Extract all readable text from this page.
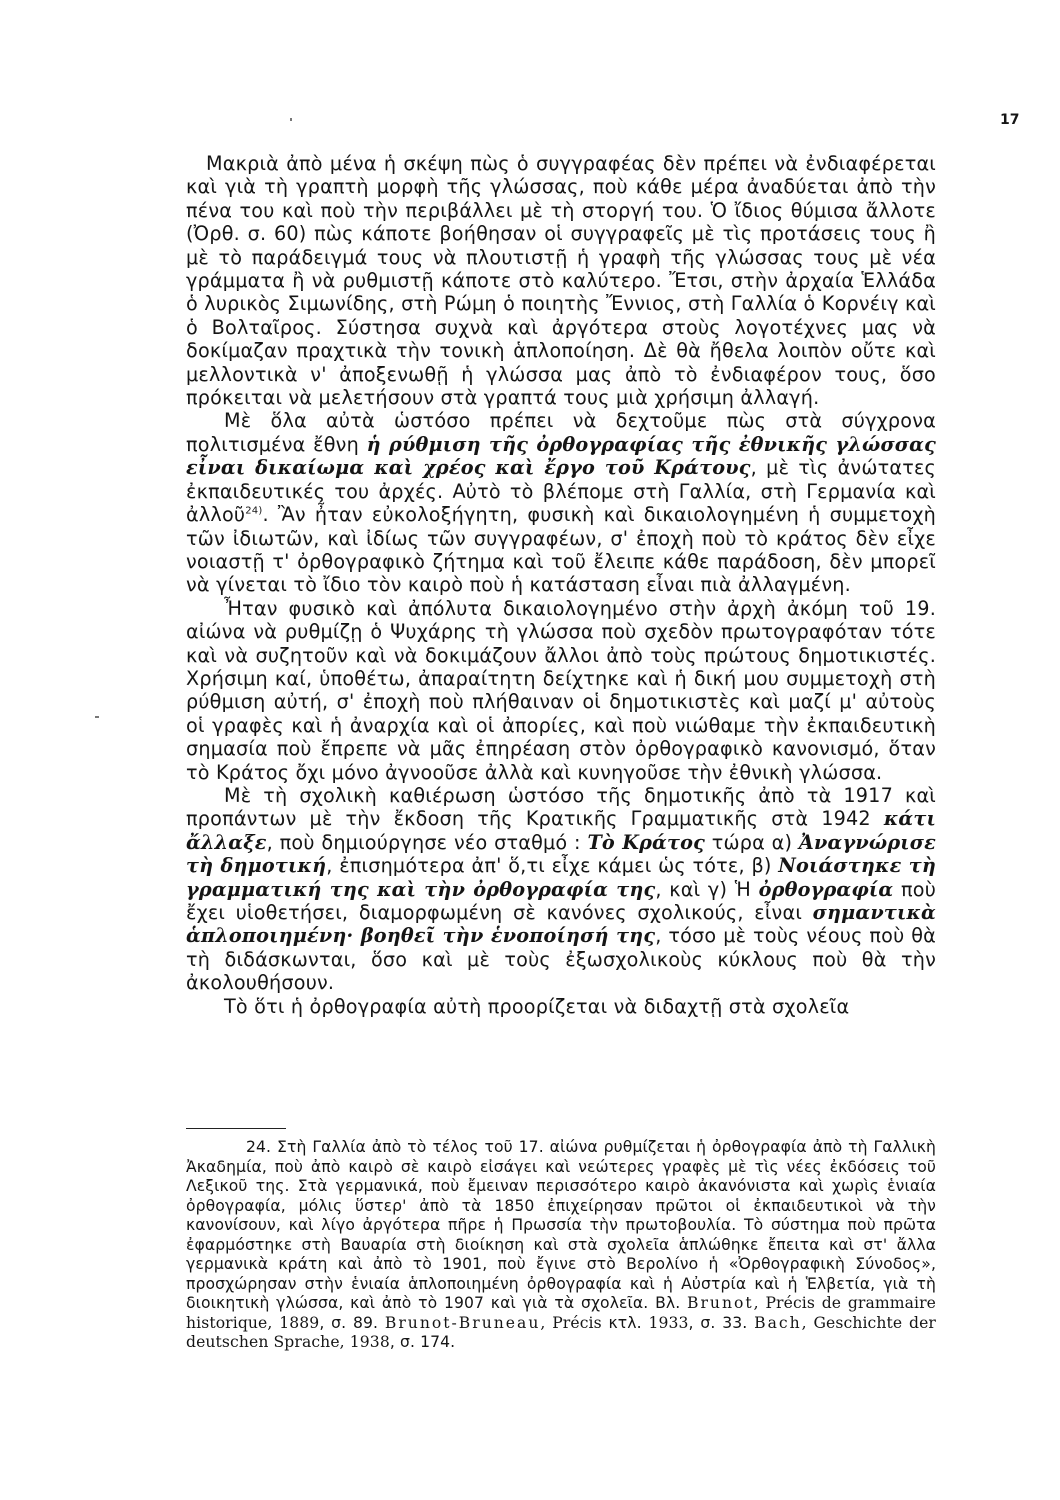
17

Μακριὰ ἀπὸ μένα ἡ σκέψη πὼς ὁ συγγραφέας δὲν πρέπει νὰ ἐνδιαφέρεται καὶ γιὰ τὴ γραπτὴ μορφὴ τῆς γλώσσας, ποὺ κάθε μέρα ἀναδύεται ἀπὸ τὴν πένα του καὶ ποὺ τὴν περιβάλλει μὲ τὴ στοργή του. Ὁ ἴδιος θύμισα ἄλλοτε (Ὀρθ. σ. 60) πὼς κάποτε βοήθησαν οἱ συγγραφεῖς μὲ τὶς προτάσεις τους ἢ μὲ τὸ παράδειγμά τους νὰ πλουτιστῇ ἡ γραφὴ τῆς γλώσσας τους μὲ νέα γράμματα ἢ νὰ ρυθμιστῇ κάποτε στὸ καλύτερο. Ἔτσι, στὴν ἀρχαία Ἑλλάδα ὁ λυρικὸς Σιμωνίδης, στὴ Ρώμη ὁ ποιητὴς Ἔννιος, στὴ Γαλλία ὁ Κορνέιγ καὶ ὁ Βολταῖρος. Σύστησα συχνὰ καὶ ἀργότερα στοὺς λογοτέχνες μας νὰ δοκίμαζαν πραχτικὰ τὴν τονικὴ ἁπλοποίηση. Δὲ θὰ ἤθελα λοιπὸν οὔτε καὶ μελλοντικὰ ν' ἀποξενωθῇ ἡ γλώσσα μας ἀπὸ τὸ ἐνδιαφέρον τους, ὅσο πρόκειται νὰ μελετήσουν στὰ γραπτά τους μιὰ χρήσιμη ἀλλαγή.

Μὲ ὅλα αὐτὰ ὡστόσο πρέπει νὰ δεχτοῦμε πὼς στὰ σύγχρονα πολιτισμένα ἔθνη ἡ ρύθμιση τῆς ὀρθογραφίας τῆς ἐθνικῆς γλώσσας εἶναι δικαίωμα καὶ χρέος καὶ ἔργο τοῦ Κράτους, μὲ τὶς ἀνώτατες ἐκπαιδευτικές του ἀρχές. Αὐτὸ τὸ βλέπομε στὴ Γαλλία, στὴ Γερμανία καὶ ἀλλοῦ$^{24)}$. Ἂν ἦταν εὐκολοξήγητη, φυσικὴ καὶ δικαιολογημένη ἡ συμμετοχὴ τῶν ἰδιωτῶν, καὶ ἰδίως τῶν συγγραφέων, σ' ἐποχὴ ποὺ τὸ κράτος δὲν εἶχε νοιαστῇ τ' ὀρθογραφικὸ ζήτημα καὶ τοῦ ἔλειπε κάθε παράδοση, δὲν μπορεῖ νὰ γίνεται τὸ ἴδιο τὸν καιρὸ ποὺ ἡ κατάσταση εἶναι πιὰ ἀλλαγμένη.

Ἦταν φυσικὸ καὶ ἀπόλυτα δικαιολογημένο στὴν ἀρχὴ ἀκόμη τοῦ 19. αἰώνα νὰ ρυθμίζῃ ὁ Ψυχάρης τὴ γλώσσα ποὺ σχεδὸν πρωτογραφόταν τότε καὶ νὰ συζητοῦν καὶ νὰ δοκιμάζουν ἄλλοι ἀπὸ τοὺς πρώτους δημοτικιστές. Χρήσιμη καί, ὑποθέτω, ἀπαραίτητη δείχτηκε καὶ ἡ δική μου συμμετοχὴ στὴ ρύθμιση αὐτή, σ' ἐποχὴ ποὺ πλήθαιναν οἱ δημοτικιστὲς καὶ μαζί μ' αὐτοὺς οἱ γραφὲς καὶ ἡ ἀναρχία καὶ οἱ ἀπορίες, καὶ ποὺ νιώθαμε τὴν ἐκπαιδευτικὴ σημασία ποὺ ἔπρεπε νὰ μᾶς ἐπηρέαση στὸν ὀρθογραφικὸ κανονισμό, ὅταν τὸ Κράτος ὄχι μόνο ἀγνοοῦσε ἀλλὰ καὶ κυνηγοῦσε τὴν ἐθνικὴ γλώσσα.

Μὲ τὴ σχολικὴ καθιέρωση ὡστόσο τῆς δημοτικῆς ἀπὸ τὰ 1917 καὶ προπάντων μὲ τὴν ἔκδοση τῆς Κρατικῆς Γραμματικῆς στὰ 1942 κάτι ἄλλαξε, ποὺ δημιούργησε νέο σταθμό : Τὸ Κράτος τώρα α) Ἀναγνώρισε τὴ δημοτική, ἐπισημότερα ἀπ' ὅ,τι εἶχε κάμει ὡς τότε, β) Νοιάστηκε τὴ γραμματική της καὶ τὴν ὀρθογραφία της, καὶ γ) Ἡ ὀρθογραφία ποὺ ἔχει υἱοθετήσει, διαμορφωμένη σὲ κανόνες σχολικούς, εἶναι σημαντικὰ ἁπλοποιημένη· βοηθεῖ τὴν ἑνοποίησή της, τόσο μὲ τοὺς νέους ποὺ θὰ τὴ διδάσκωνται, ὅσο καὶ μὲ τοὺς ἐξωσχολικοὺς κύκλους ποὺ θὰ τὴν ἀκολουθήσουν.

Τὸ ὅτι ἡ ὀρθογραφία αὐτὴ προορίζεται νὰ διδαχτῇ στὰ σχολεῖα

24. Στὴ Γαλλία ἀπὸ τὸ τέλος τοῦ 17. αἰώνα ρυθμίζεται ἡ ὀρθογραφία ἀπὸ τὴ Γαλλικὴ Ἀκαδημία, ποὺ ἀπὸ καιρὸ σὲ καιρὸ εἰσάγει καὶ νεώτερες γραφὲς μὲ τὶς νέες ἐκδόσεις τοῦ Λεξικοῦ της. Στὰ γερμανικά, ποὺ ἔμειναν περισσότερο καιρὸ ἀκανόνιστα καὶ χωρὶς ἑνιαία ὀρθογραφία, μόλις ὕστερ' ἀπὸ τὰ 1850 ἐπιχείρησαν πρῶτοι οἱ ἐκπαιδευτικοὶ νὰ τὴν κανονίσουν, καὶ λίγο ἀργότερα πῆρε ἡ Πρωσσία τὴν πρωτοβουλία. Τὸ σύστημα ποὺ πρῶτα ἐφαρμόστηκε στὴ Βαυαρία στὴ διοίκηση καὶ στὰ σχολεῖα ἁπλώθηκε ἔπειτα καὶ στ' ἄλλα γερμανικὰ κράτη καὶ ἀπὸ τὸ 1901, ποὺ ἔγινε στὸ Βερολίνο ἡ «Ὀρθογραφικὴ Σύνοδος», προσχώρησαν στὴν ἑνιαία ἁπλοποιημένη ὀρθογραφία καὶ ἡ Αὐστρία καὶ ἡ Ἑλβετία, γιὰ τὴ διοικητικὴ γλώσσα, καὶ ἀπὸ τὸ 1907 καὶ γιὰ τὰ σχολεῖα. Βλ. Brunot, Précis de grammaire historique, 1889, σ. 89. Brunot-Bruneau, Précis κτλ. 1933, σ. 33. Bach, Geschichte der deutschen Sprache, 1938, σ. 174.
